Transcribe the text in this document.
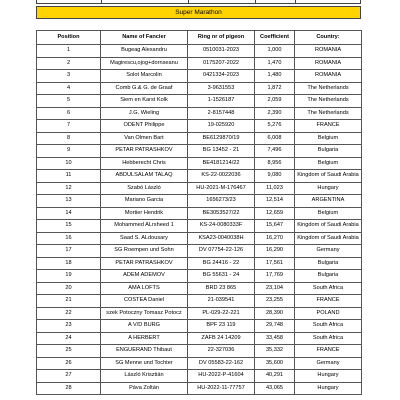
Super Marathon
Position	Name of Fancier	Ring nr of pigeon	Coefficient	Country:
1	Bugeag Alexandru	0510031-2023	1,000	ROMANIA
2	Magirescu,ojog+dornseanu	0175207-2022	1,470	ROMANIA
3	Solot Marcolin	0421334-2023	1,480	ROMANIA
4	Comb G.& G. de Graaf	3-9631553	1,872	The Netherlands
5	Siem en Karst Kolk	1-1526187	2,059	The Netherlands
6	J.G. Wieling	2-8157448	2,390	The Netherlands
7	ODENT Philippe	19-025920	5,276	FRANCE
8	Van Olmen Bart	BE6129870/19	6,008	Belgium
9	PETAR PATRASHKOV	BG 13452 - 21	7,496	Bulgaria
10	Hebberecht Chris	BE4181214/22	8,956	Belgium
11	ABDULSALAM TALAQ	KS-22-0022036	9,080	Kingdom of Saudi Arabia
12	Szabó László	HU-2021-M-176467	11,023	Hungary
13	Mariano Garcia	1656273/23	12,514	ARGENTINA
14	Mortier Hendrik	BE3053527/22	12,659	Belgium
15	Mohammed ALrsheed 1	KS-24-0080333F	15,647	Kingdom of Saudi Arabia
16	Saad S. ALdousary	KSA23-0040038H	16,270	Kingdom of Saudi Arabia
17	SG Roempen und Sohn	DV 07754-22-126	16,290	Germany
18	PETAR PATRASHKOV	BG 24416 - 22	17,561	Bulgaria
19	ADEM ADEMOV	BG 55631 - 24	17,769	Bulgaria
20	AMA LOFTS	BRD 23 865	23,104	South Africa
21	COSTEA Daniel	21-039541	23,255	FRANCE
22	szek Potoczny Tomasz Potocz	PL-029-22-221	28,390	POLAND
23	A V/D BURG	BPF 23 119	29,748	South Africa
24	A HERBERT	ZAFB 24 14209	33,458	South Africa
25	ENGUERAND Thibaut	22-327036	35,332	FRANCE
26	SG Menne und Tochter	DV 05583-22-162	35,600	Germany
27	László Krisztián	HU-2022-P-41604	40,291	Hungary
28	Páva Zoltán	HU-2022-11-77757	43,065	Hungary
